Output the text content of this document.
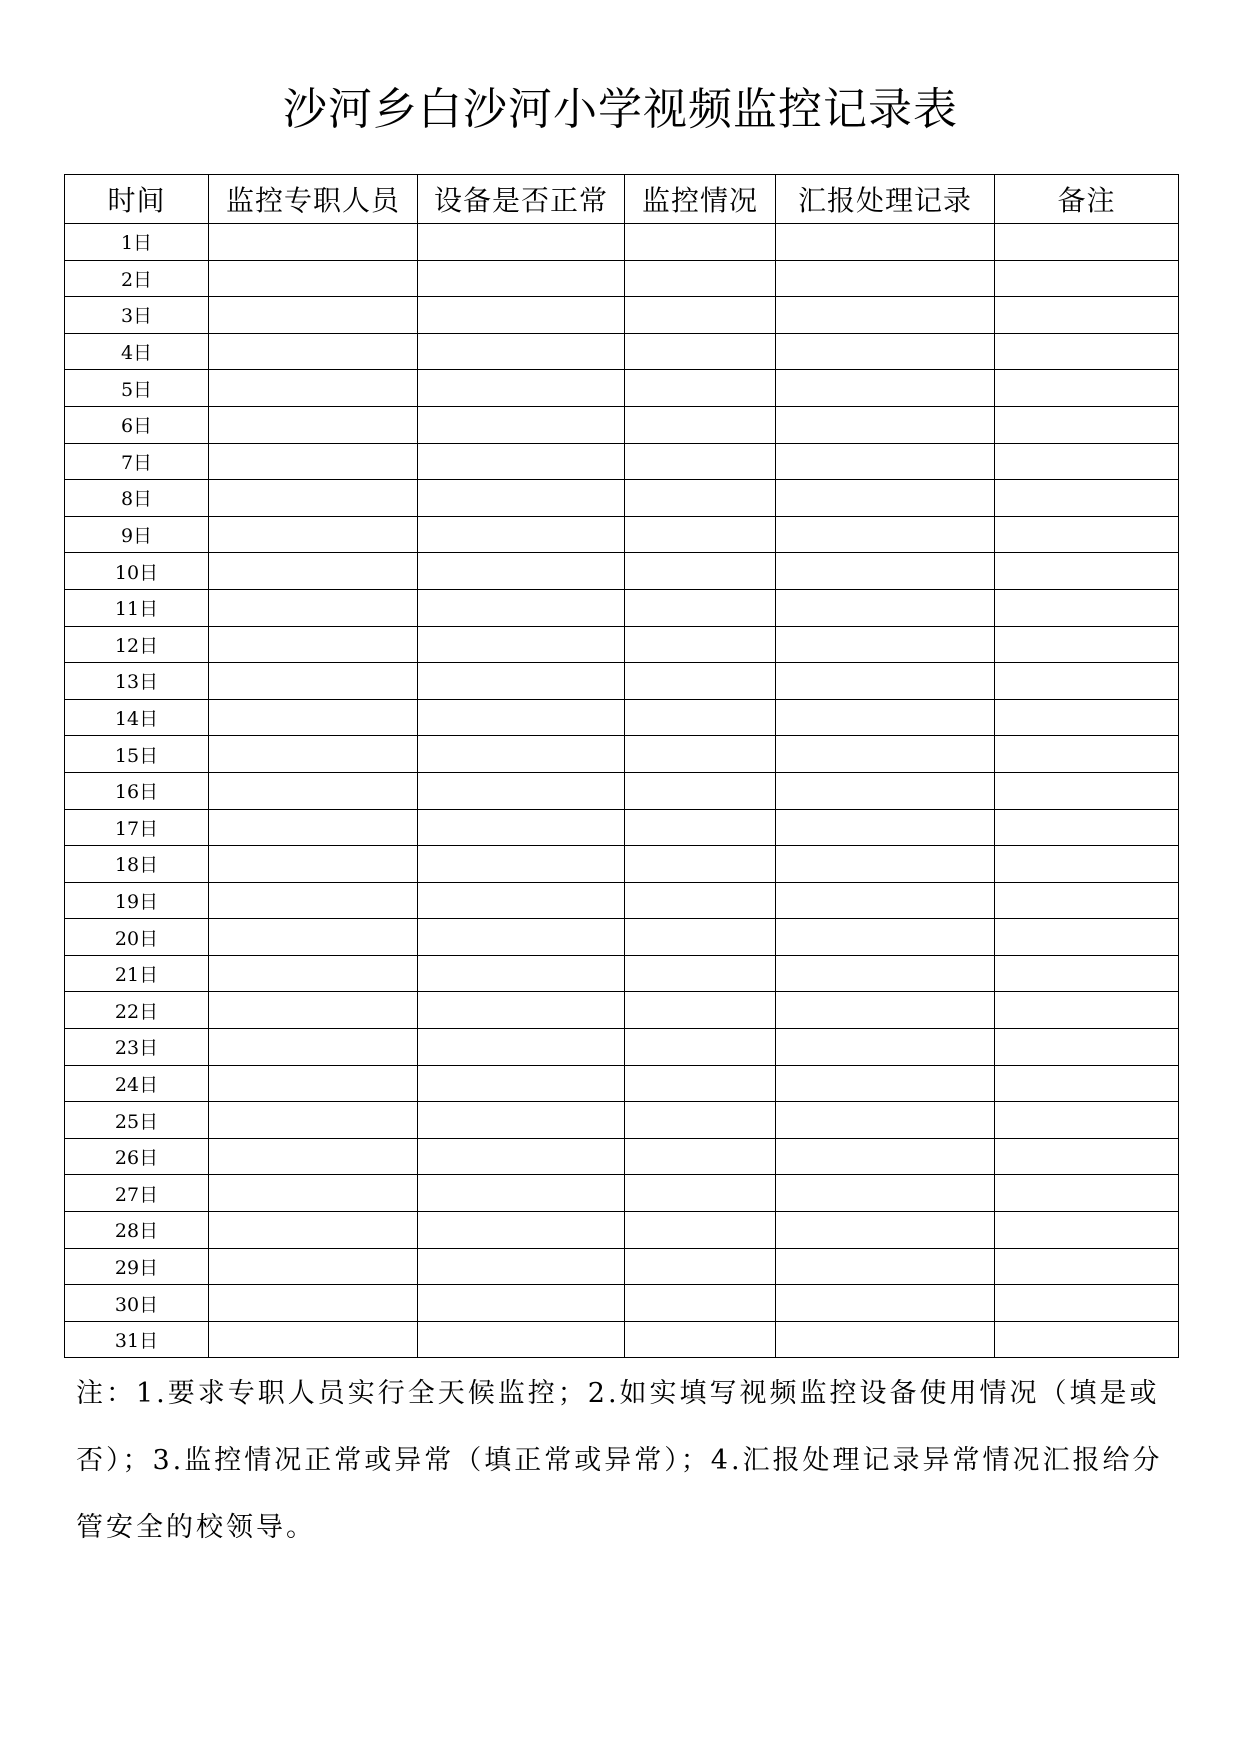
沙河乡白沙河小学视频监控记录表
时间	监控专职人员	设备是否正常	监控情况	汇报处理记录	备注
1日					
2日					
3日					
4日					
5日					
6日					
7日					
8日					
9日					
10日					
11日					
12日					
13日					
14日					
15日					
16日					
17日					
18日					
19日					
20日					
21日					
22日					
23日					
24日					
25日					
26日					
27日					
28日					
29日					
30日					
31日					
注：1.要求专职人员实行全天候监控；2.如实填写视频监控设备使用情况（填是或否）；3.监控情况正常或异常（填正常或异常）；4.汇报处理记录异常情况汇报给分管安全的校领导。
